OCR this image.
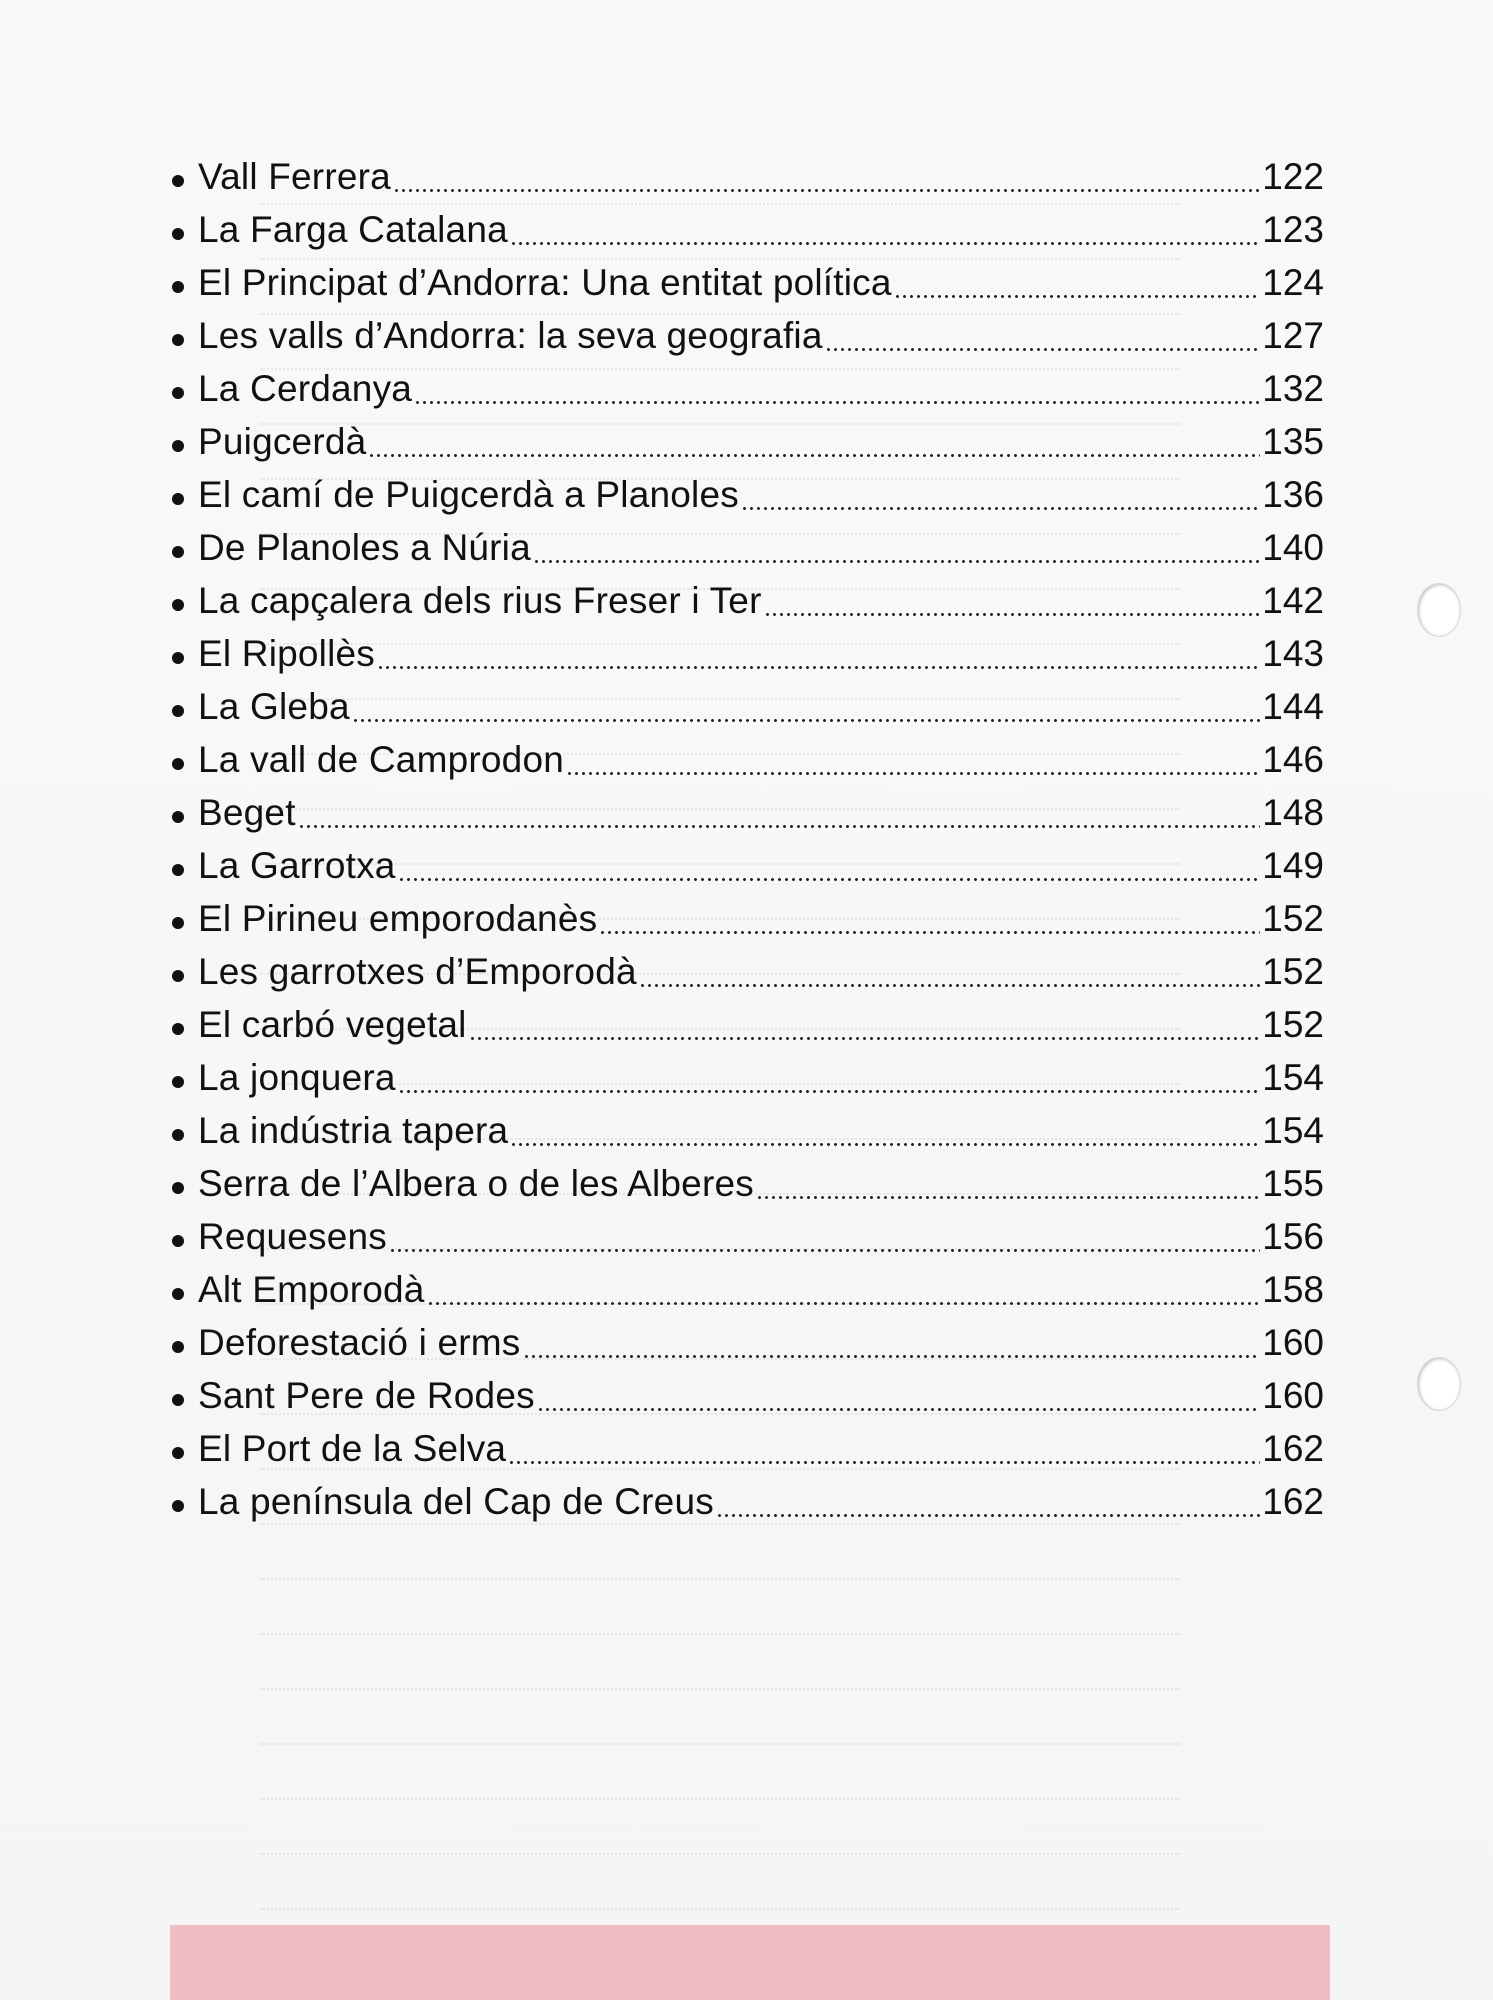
Vall Ferrera	122
La Farga Catalana	123
El Principat d’Andorra: Una entitat política	124
Les valls d’Andorra: la seva geografia	127
La Cerdanya	132
Puigcerdà	135
El camí de Puigcerdà a Planoles	136
De Planoles a Núria	140
La capçalera dels rius Freser i Ter	142
El Ripollès	143
La Gleba	144
La vall de Camprodon	146
Beget	148
La Garrotxa	149
El Pirineu emporodanès	152
Les garrotxes d’Emporodà	152
El carbó vegetal	152
La jonquera	154
La indústria tapera	154
Serra de l’Albera o de les Alberes	155
Requesens	156
Alt Emporodà	158
Deforestació i erms	160
Sant Pere de Rodes	160
El Port de la Selva	162
La península del Cap de Creus	162
